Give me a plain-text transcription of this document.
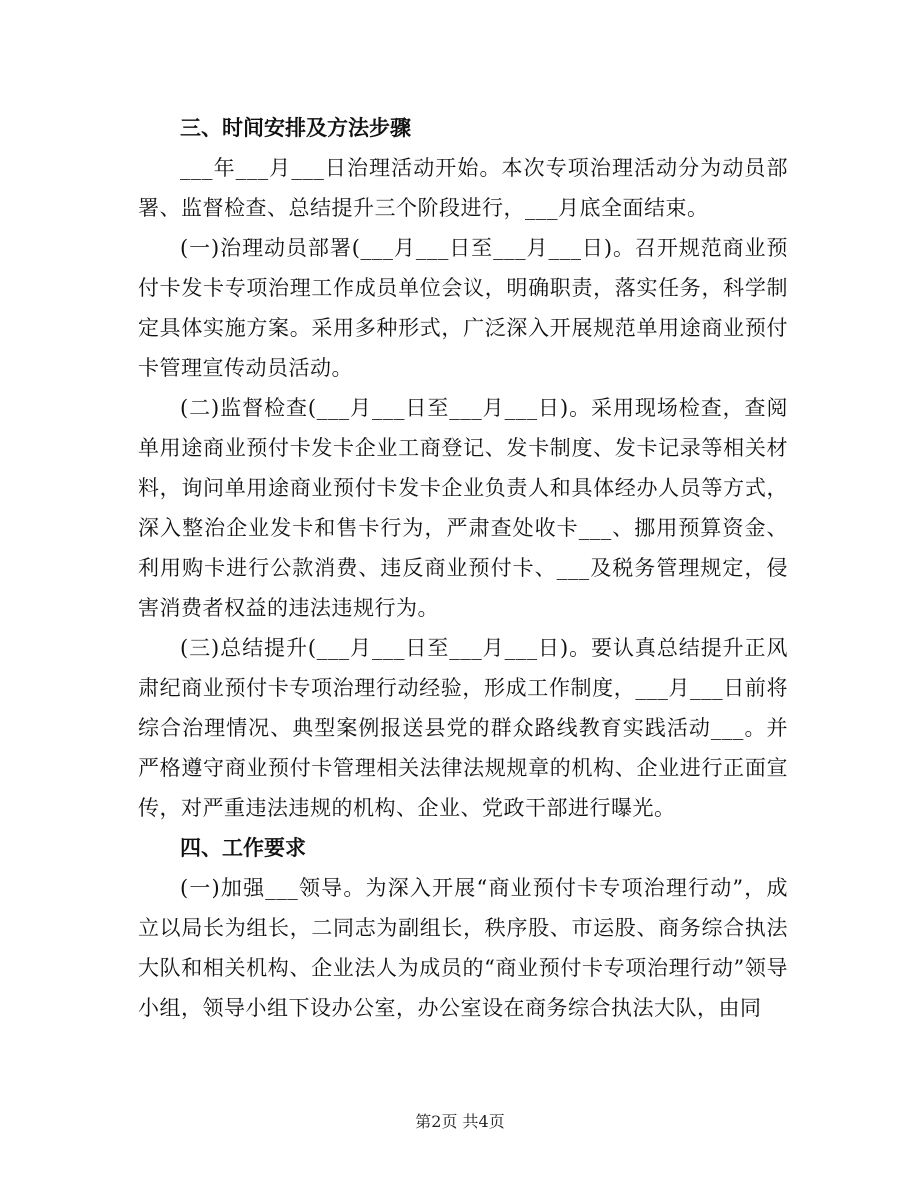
三、时间安排及方法步骤

___年___月___日治理活动开始。本次专项治理活动分为动员部署、监督检查、总结提升三个阶段进行，___月底全面结束。

(一)治理动员部署(___月___日至___月___日)。召开规范商业预付卡发卡专项治理工作成员单位会议，明确职责，落实任务，科学制定具体实施方案。采用多种形式，广泛深入开展规范单用途商业预付卡管理宣传动员活动。

(二)监督检查(___月___日至___月___日)。采用现场检查，查阅单用途商业预付卡发卡企业工商登记、发卡制度、发卡记录等相关材料，询问单用途商业预付卡发卡企业负责人和具体经办人员等方式，深入整治企业发卡和售卡行为，严肃查处收卡___、挪用预算资金、利用购卡进行公款消费、违反商业预付卡、___及税务管理规定，侵害消费者权益的违法违规行为。

(三)总结提升(___月___日至___月___日)。要认真总结提升正风肃纪商业预付卡专项治理行动经验，形成工作制度，___月___日前将综合治理情况、典型案例报送县党的群众路线教育实践活动___。并严格遵守商业预付卡管理相关法律法规规章的机构、企业进行正面宣传，对严重违法违规的机构、企业、党政干部进行曝光。

四、工作要求

(一)加强___领导。为深入开展“商业预付卡专项治理行动”，成立以局长为组长，二同志为副组长，秩序股、市运股、商务综合执法大队和相关机构、企业法人为成员的“商业预付卡专项治理行动”领导小组，领导小组下设办公室，办公室设在商务综合执法大队，由同

第2页 共4页
